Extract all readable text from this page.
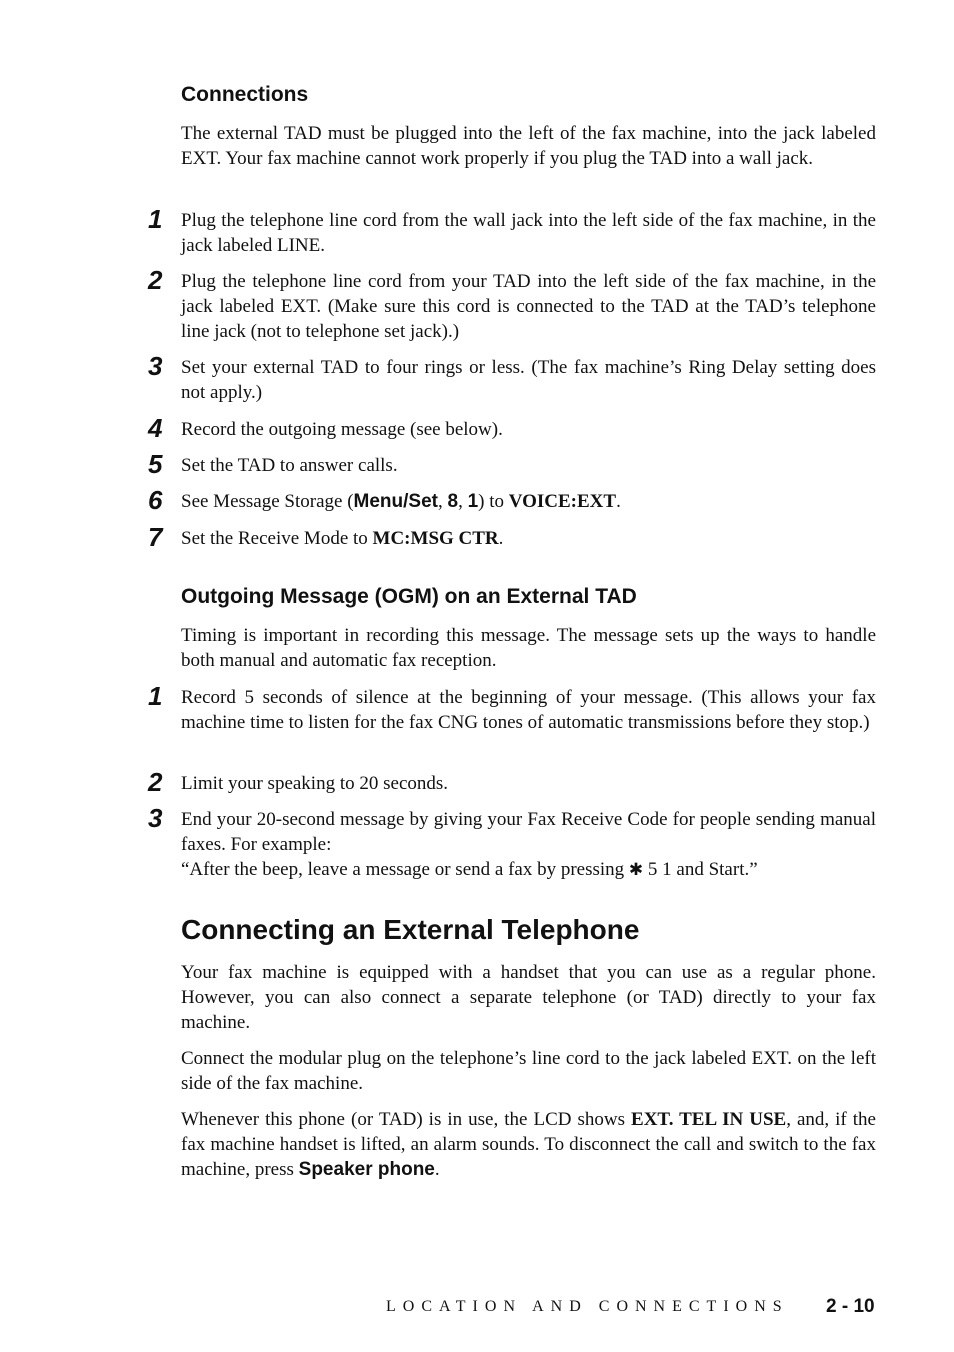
Connections

The external TAD must be plugged into the left of the fax machine, into the jack labeled EXT. Your fax machine cannot work properly if you plug the TAD into a wall jack.

1 Plug the telephone line cord from the wall jack into the left side of the fax machine, in the jack labeled LINE.

2 Plug the telephone line cord from your TAD into the left side of the fax machine, in the jack labeled EXT. (Make sure this cord is connected to the TAD at the TAD’s telephone line jack (not to telephone set jack).)

3 Set your external TAD to four rings or less. (The fax machine’s Ring Delay setting does not apply.)

4 Record the outgoing message (see below).

5 Set the TAD to answer calls.

6 See Message Storage (Menu/Set, 8, 1) to VOICE:EXT.

7 Set the Receive Mode to MC:MSG CTR.

Outgoing Message (OGM) on an External TAD

Timing is important in recording this message. The message sets up the ways to handle both manual and automatic fax reception.

1 Record 5 seconds of silence at the beginning of your message. (This allows your fax machine time to listen for the fax CNG tones of automatic transmissions before they stop.)

2 Limit your speaking to 20 seconds.

3 End your 20-second message by giving your Fax Receive Code for people sending manual faxes. For example:

“After the beep, leave a message or send a fax by pressing ✱ 5 1 and Start.”

Connecting an External Telephone

Your fax machine is equipped with a handset that you can use as a regular phone. However, you can also connect a separate telephone (or TAD) directly to your fax machine.

Connect the modular plug on the telephone’s line cord to the jack labeled EXT. on the left side of the fax machine.

Whenever this phone (or TAD) is in use, the LCD shows EXT. TEL IN USE, and, if the fax machine handset is lifted, an alarm sounds. To disconnect the call and switch to the fax machine, press Speaker phone.

LOCATION AND CONNECTIONS 2 - 10
